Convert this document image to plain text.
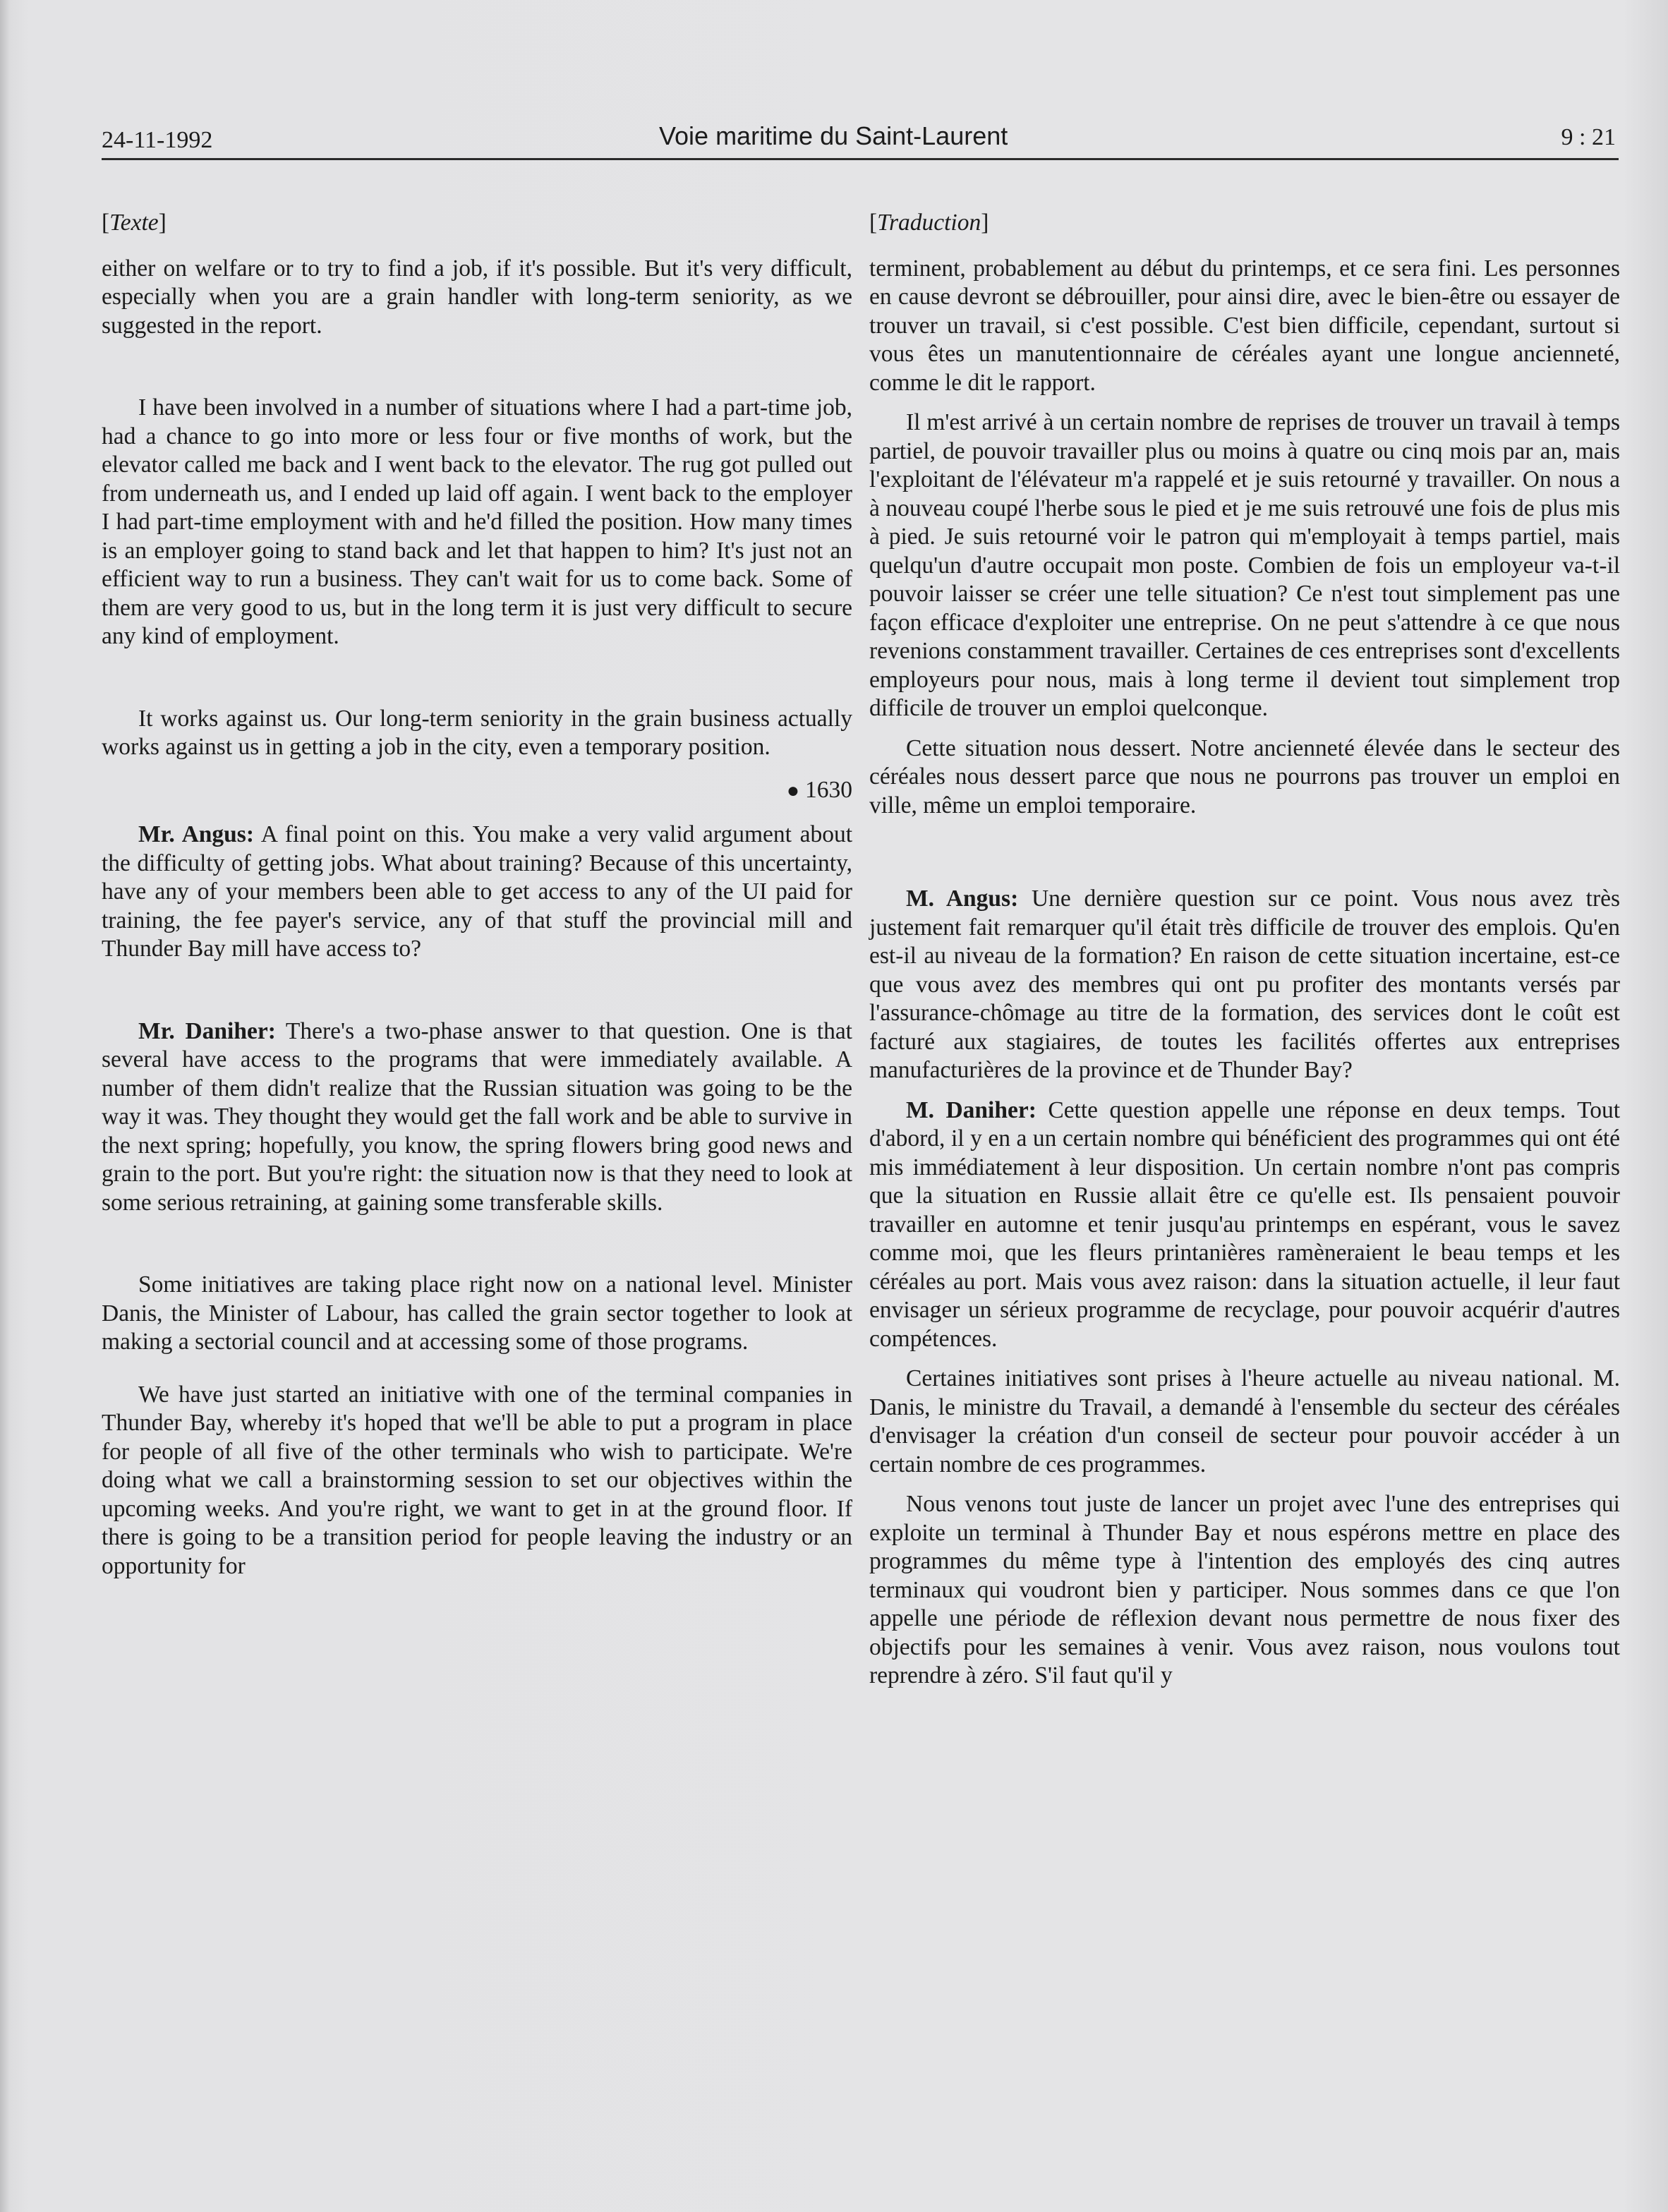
24-11-1992	Voie maritime du Saint-Laurent	9 : 21
[Texte]

either on welfare or to try to find a job, if it's possible. But it's very difficult, especially when you are a grain handler with long-term seniority, as we suggested in the report.

I have been involved in a number of situations where I had a part-time job, had a chance to go into more or less four or five months of work, but the elevator called me back and I went back to the elevator. The rug got pulled out from underneath us, and I ended up laid off again. I went back to the employer I had part-time employment with and he'd filled the position. How many times is an employer going to stand back and let that happen to him? It's just not an efficient way to run a business. They can't wait for us to come back. Some of them are very good to us, but in the long term it is just very difficult to secure any kind of employment.

It works against us. Our long-term seniority in the grain business actually works against us in getting a job in the city, even a temporary position.

● 1630

Mr. Angus: A final point on this. You make a very valid argument about the difficulty of getting jobs. What about training? Because of this uncertainty, have any of your members been able to get access to any of the UI paid for training, the fee payer's service, any of that stuff the provincial mill and Thunder Bay mill have access to?

Mr. Daniher: There's a two-phase answer to that question. One is that several have access to the programs that were immediately available. A number of them didn't realize that the Russian situation was going to be the way it was. They thought they would get the fall work and be able to survive in the next spring; hopefully, you know, the spring flowers bring good news and grain to the port. But you're right: the situation now is that they need to look at some serious retraining, at gaining some transferable skills.

Some initiatives are taking place right now on a national level. Minister Danis, the Minister of Labour, has called the grain sector together to look at making a sectorial council and at accessing some of those programs.

We have just started an initiative with one of the terminal companies in Thunder Bay, whereby it's hoped that we'll be able to put a program in place for people of all five of the other terminals who wish to participate. We're doing what we call a brainstorming session to set our objectives within the upcoming weeks. And you're right, we want to get in at the ground floor. If there is going to be a transition period for people leaving the industry or an opportunity for

[Traduction]

terminent, probablement au début du printemps, et ce sera fini. Les personnes en cause devront se débrouiller, pour ainsi dire, avec le bien-être ou essayer de trouver un travail, si c'est possible. C'est bien difficile, cependant, surtout si vous êtes un manutentionnaire de céréales ayant une longue ancienneté, comme le dit le rapport.

Il m'est arrivé à un certain nombre de reprises de trouver un travail à temps partiel, de pouvoir travailler plus ou moins à quatre ou cinq mois par an, mais l'exploitant de l'élévateur m'a rappelé et je suis retourné y travailler. On nous a à nouveau coupé l'herbe sous le pied et je me suis retrouvé une fois de plus mis à pied. Je suis retourné voir le patron qui m'employait à temps partiel, mais quelqu'un d'autre occupait mon poste. Combien de fois un employeur va-t-il pouvoir laisser se créer une telle situation? Ce n'est tout simplement pas une façon efficace d'exploiter une entreprise. On ne peut s'attendre à ce que nous revenions constamment travailler. Certaines de ces entreprises sont d'excellents employeurs pour nous, mais à long terme il devient tout simplement trop difficile de trouver un emploi quelconque.

Cette situation nous dessert. Notre ancienneté élevée dans le secteur des céréales nous dessert parce que nous ne pourrons pas trouver un emploi en ville, même un emploi temporaire.

M. Angus: Une dernière question sur ce point. Vous nous avez très justement fait remarquer qu'il était très difficile de trouver des emplois. Qu'en est-il au niveau de la formation? En raison de cette situation incertaine, est-ce que vous avez des membres qui ont pu profiter des montants versés par l'assurance-chômage au titre de la formation, des services dont le coût est facturé aux stagiaires, de toutes les facilités offertes aux entreprises manufacturières de la province et de Thunder Bay?

M. Daniher: Cette question appelle une réponse en deux temps. Tout d'abord, il y en a un certain nombre qui bénéficient des programmes qui ont été mis immédiatement à leur disposition. Un certain nombre n'ont pas compris que la situation en Russie allait être ce qu'elle est. Ils pensaient pouvoir travailler en automne et tenir jusqu'au printemps en espérant, vous le savez comme moi, que les fleurs printanières ramèneraient le beau temps et les céréales au port. Mais vous avez raison: dans la situation actuelle, il leur faut envisager un sérieux programme de recyclage, pour pouvoir acquérir d'autres compétences.

Certaines initiatives sont prises à l'heure actuelle au niveau national. M. Danis, le ministre du Travail, a demandé à l'ensemble du secteur des céréales d'envisager la création d'un conseil de secteur pour pouvoir accéder à un certain nombre de ces programmes.

Nous venons tout juste de lancer un projet avec l'une des entreprises qui exploite un terminal à Thunder Bay et nous espérons mettre en place des programmes du même type à l'intention des employés des cinq autres terminaux qui voudront bien y participer. Nous sommes dans ce que l'on appelle une période de réflexion devant nous permettre de nous fixer des objectifs pour les semaines à venir. Vous avez raison, nous voulons tout reprendre à zéro. S'il faut qu'il y
